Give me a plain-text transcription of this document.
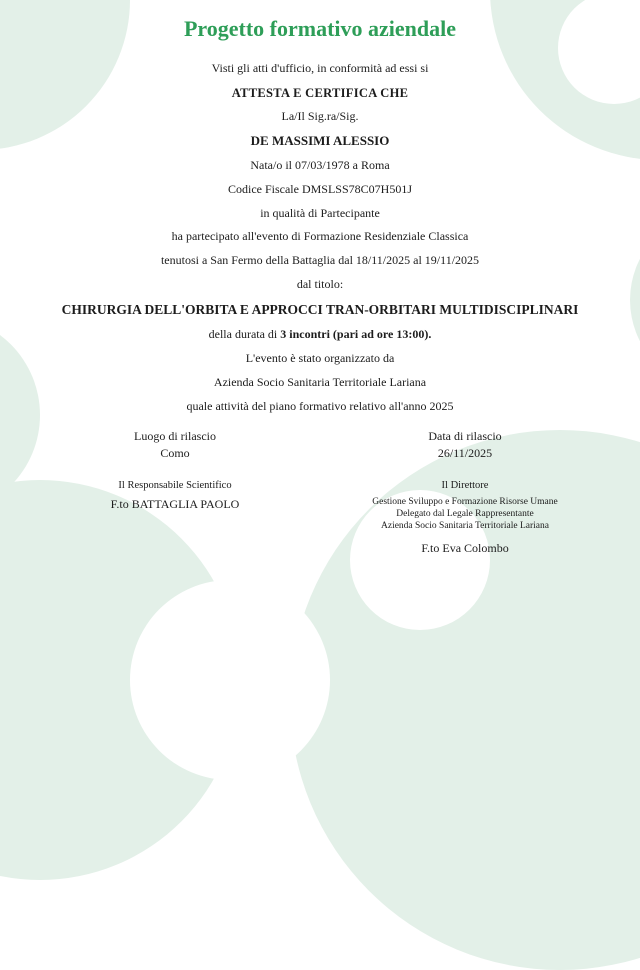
Progetto formativo aziendale

Visti gli atti d'ufficio, in conformità ad essi si

ATTESTA E CERTIFICA CHE

La/Il Sig.ra/Sig.

DE MASSIMI ALESSIO

Nata/o il 07/03/1978 a Roma

Codice Fiscale DMSLSS78C07H501J

in qualità di Partecipante

ha partecipato all'evento di Formazione Residenziale Classica

tenutosi a San Fermo della Battaglia dal 18/11/2025 al 19/11/2025

dal titolo:

CHIRURGIA DELL'ORBITA E APPROCCI TRAN-ORBITARI MULTIDISCIPLINARI

della durata di 3 incontri (pari ad ore 13:00).

L'evento è stato organizzato da

Azienda Socio Sanitaria Territoriale Lariana

quale attività del piano formativo relativo all'anno 2025

Luogo di rilascio

Como

Data di rilascio

26/11/2025

Il Responsabile Scientifico

F.to BATTAGLIA PAOLO

Il Direttore

Gestione Sviluppo e Formazione Risorse Umane

Delegato dal Legale Rappresentante

Azienda Socio Sanitaria Territoriale Lariana

F.to Eva Colombo
